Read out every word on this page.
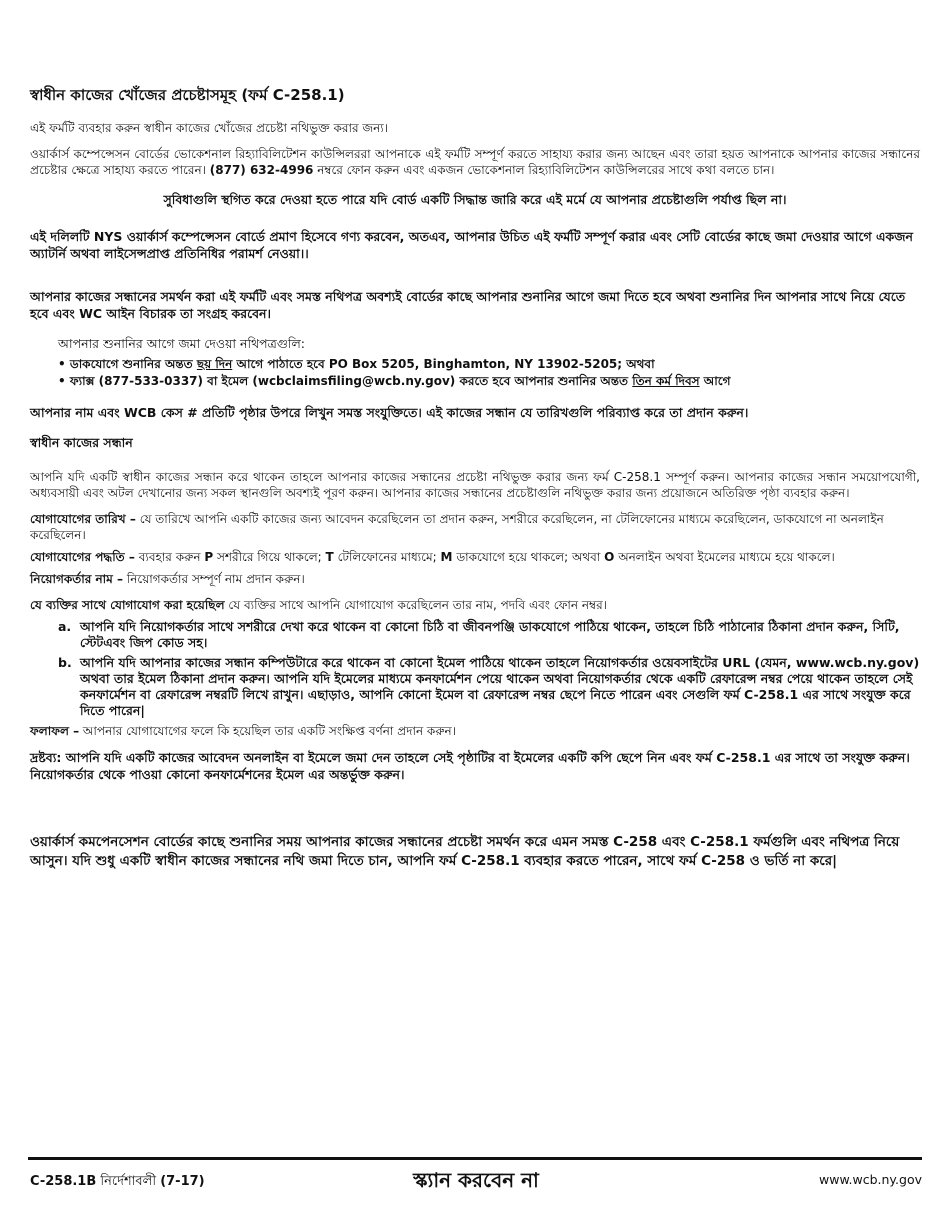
স্বাধীন কাজের খোঁজের প্রচেষ্টাসমূহ (ফর্ম C-258.1)

এই ফর্মটি ব্যবহার করুন স্বাধীন কাজের খোঁজের প্রচেষ্টা নথিভুক্ত করার জন্য।

ওয়ার্কার্স কম্পেন্সেসন বোর্ডের ভোকেশনাল রিহ্যাবিলিটেশন কাউন্সিলররা আপনাকে এই ফর্মটি সম্পূর্ণ করতে সাহায্য করার জন্য আছেন এবং তারা হয়ত আপনাকে আপনার কাজের সন্ধানের প্রচেষ্টার ক্ষেত্রে সাহায্য করতে পারেন। (877) 632-4996 নম্বরে ফোন করুন এবং একজন ভোকেশনাল রিহ্যাবিলিটেশন কাউন্সিলরের সাথে কথা বলতে চান।

সুবিধাগুলি স্থগিত করে দেওয়া হতে পারে যদি বোর্ড একটি সিদ্ধান্ত জারি করে এই মর্মে যে আপনার প্রচেষ্টাগুলি পর্যাপ্ত ছিল না।

এই দলিলটি NYS ওয়ার্কার্স কম্পেন্সেসন বোর্ডে প্রমাণ হিসেবে গণ্য করবেন, অতএব, আপনার উচিত এই ফর্মটি সম্পূর্ণ করার এবং সেটি বোর্ডের কাছে জমা দেওয়ার আগে একজন অ্যাটর্নি অথবা লাইসেন্সপ্রাপ্ত প্রতিনিধির পরামর্শ নেওয়া।।

আপনার কাজের সন্ধানের সমর্থন করা এই ফর্মটি এবং সমস্ত নথিপত্র অবশ্যই বোর্ডের কাছে আপনার শুনানির আগে জমা দিতে হবে অথবা শুনানির দিন আপনার সাথে নিয়ে যেতে হবে এবং WC আইন বিচারক তা সংগ্রহ করবেন।

আপনার শুনানির আগে জমা দেওয়া নথিপত্রগুলি:

• ডাকযোগে শুনানির অন্তত ছয় দিন আগে পাঠাতে হবে PO Box 5205, Binghamton, NY 13902-5205; অথবা
• ফ্যাক্স (877-533-0337) বা ইমেল (wcbclaimsfiling@wcb.ny.gov) করতে হবে আপনার শুনানির অন্তত তিন কর্ম দিবস আগে

আপনার নাম এবং WCB কেস # প্রতিটি পৃষ্ঠার উপরে লিখুন সমস্ত সংযুক্তিতে। এই কাজের সন্ধান যে তারিখগুলি পরিব্যাপ্ত করে তা প্রদান করুন।

স্বাধীন কাজের সন্ধান

আপনি যদি একটি স্বাধীন কাজের সন্ধান করে থাকেন তাহলে আপনার কাজের সন্ধানের প্রচেষ্টা নথিভুক্ত করার জন্য ফর্ম C-258.1 সম্পূর্ণ করুন। আপনার কাজের সন্ধান সময়োপযোগী, অধ্যবসায়ী এবং অটল দেখানোর জন্য সকল স্থানগুলি অবশ্যই পূরণ করুন। আপনার কাজের সন্ধানের প্রচেষ্টাগুলি নথিভুক্ত করার জন্য প্রয়োজনে অতিরিক্ত পৃষ্ঠা ব্যবহার করুন।

যোগাযোগের তারিখ – যে তারিখে আপনি একটি কাজের জন্য আবেদন করেছিলেন তা প্রদান করুন, সশরীরে করেছিলেন, না টেলিফোনের মাধ্যমে করেছিলেন, ডাকযোগে না অনলাইন করেছিলেন।

যোগাযোগের পদ্ধতি – ব্যবহার করুন P সশরীরে গিয়ে থাকলে; T টেলিফোনের মাধ্যমে; M ডাকযোগে হয়ে থাকলে; অথবা O অনলাইন অথবা ইমেলের মাধ্যমে হয়ে থাকলে।

নিয়োগকর্তার নাম – নিয়োগকর্তার সম্পূর্ণ নাম প্রদান করুন।

যে ব্যক্তির সাথে যোগাযোগ করা হয়েছিল যে ব্যক্তির সাথে আপনি যোগাযোগ করেছিলেন তার নাম, পদবি এবং ফোন নম্বর।

a. আপনি যদি নিয়োগকর্তার সাথে সশরীরে দেখা করে থাকেন বা কোনো চিঠি বা জীবনপঞ্জি ডাকযোগে পাঠিয়ে থাকেন, তাহলে চিঠি পাঠানোর ঠিকানা প্রদান করুন, সিটি, স্টেটএবং জিপ কোড সহ।
b. আপনি যদি আপনার কাজের সন্ধান কম্পিউটারে করে থাকেন বা কোনো ইমেল পাঠিয়ে থাকেন তাহলে নিয়োগকর্তার ওয়েবসাইটের URL (যেমন, www.wcb.ny.gov) অথবা তার ইমেল ঠিকানা প্রদান করুন। আপনি যদি ইমেলের মাধ্যমে কনফার্মেশন পেয়ে থাকেন অথবা নিয়োগকর্তার থেকে একটি রেফারেন্স নম্বর পেয়ে থাকেন তাহলে সেই কনফার্মেশন বা রেফারেন্স নম্বরটি লিখে রাখুন। এছাড়াও, আপনি কোনো ইমেল বা রেফারেন্স নম্বর ছেপে নিতে পারেন এবং সেগুলি ফর্ম C-258.1 এর সাথে সংযুক্ত করে দিতে পারেন|

ফলাফল – আপনার যোগাযোগের ফলে কি হয়েছিল তার একটি সংক্ষিপ্ত বর্ণনা প্রদান করুন।

দ্রষ্টব্য: আপনি যদি একটি কাজের আবেদন অনলাইন বা ইমেলে জমা দেন তাহলে সেই পৃষ্ঠাটির বা ইমেলের একটি কপি ছেপে নিন এবং ফর্ম C-258.1 এর সাথে তা সংযুক্ত করুন। নিয়োগকর্তার থেকে পাওয়া কোনো কনফার্মেশনের ইমেল এর অন্তর্ভুক্ত করুন।

ওয়ার্কার্স কমপেনসেশন বোর্ডের কাছে শুনানির সময় আপনার কাজের সন্ধানের প্রচেষ্টা সমর্থন করে এমন সমস্ত C-258 এবং C-258.1 ফর্মগুলি এবং নথিপত্র নিয়ে আসুন। যদি শুধু একটি স্বাধীন কাজের সন্ধানের নথি জমা দিতে চান, আপনি ফর্ম C-258.1 ব্যবহার করতে পারেন, সাথে ফর্ম C-258 ও ভর্তি না করে|

C-258.1B নির্দেশাবলী (7-17)	স্ক্যান করবেন না	www.wcb.ny.gov
